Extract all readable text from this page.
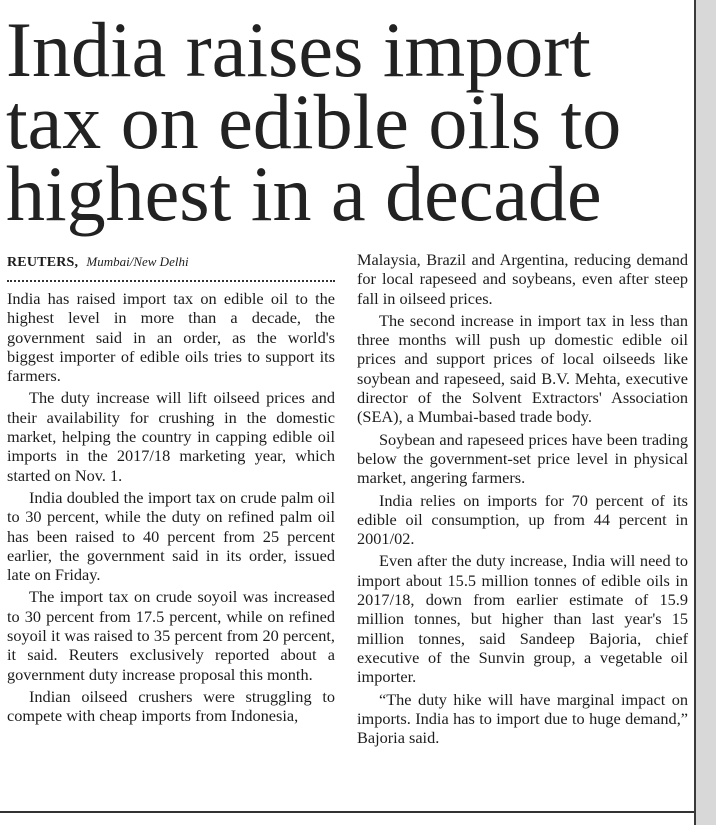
India raises import
tax on edible oils to
highest in a decade
REUTERS, Mumbai/New Delhi

India has raised import tax on edible oil to the highest level in more than a decade, the government said in an order, as the world's biggest importer of edible oils tries to support its farmers.

The duty increase will lift oilseed prices and their availability for crushing in the domestic market, helping the country in capping edible oil imports in the 2017/18 marketing year, which started on Nov. 1.

India doubled the import tax on crude palm oil to 30 percent, while the duty on refined palm oil has been raised to 40 percent from 25 percent earlier, the government said in its order, issued late on Friday.

The import tax on crude soyoil was increased to 30 percent from 17.5 percent, while on refined soyoil it was raised to 35 percent from 20 percent, it said. Reuters exclusively reported about a government duty increase proposal this month.

Indian oilseed crushers were struggling to compete with cheap imports from Indonesia,

Malaysia, Brazil and Argentina, reducing demand for local rapeseed and soybeans, even after steep fall in oilseed prices.

The second increase in import tax in less than three months will push up domestic edible oil prices and support prices of local oilseeds like soybean and rapeseed, said B.V. Mehta, executive director of the Solvent Extractors' Association (SEA), a Mumbai-based trade body.

Soybean and rapeseed prices have been trading below the government-set price level in physical market, angering farmers.

India relies on imports for 70 percent of its edible oil consumption, up from 44 percent in 2001/02.

Even after the duty increase, India will need to import about 15.5 million tonnes of edible oils in 2017/18, down from earlier estimate of 15.9 million tonnes, but higher than last year's 15 million tonnes, said Sandeep Bajoria, chief executive of the Sunvin group, a vegetable oil importer.

“The duty hike will have marginal impact on imports. India has to import due to huge demand,” Bajoria said.
